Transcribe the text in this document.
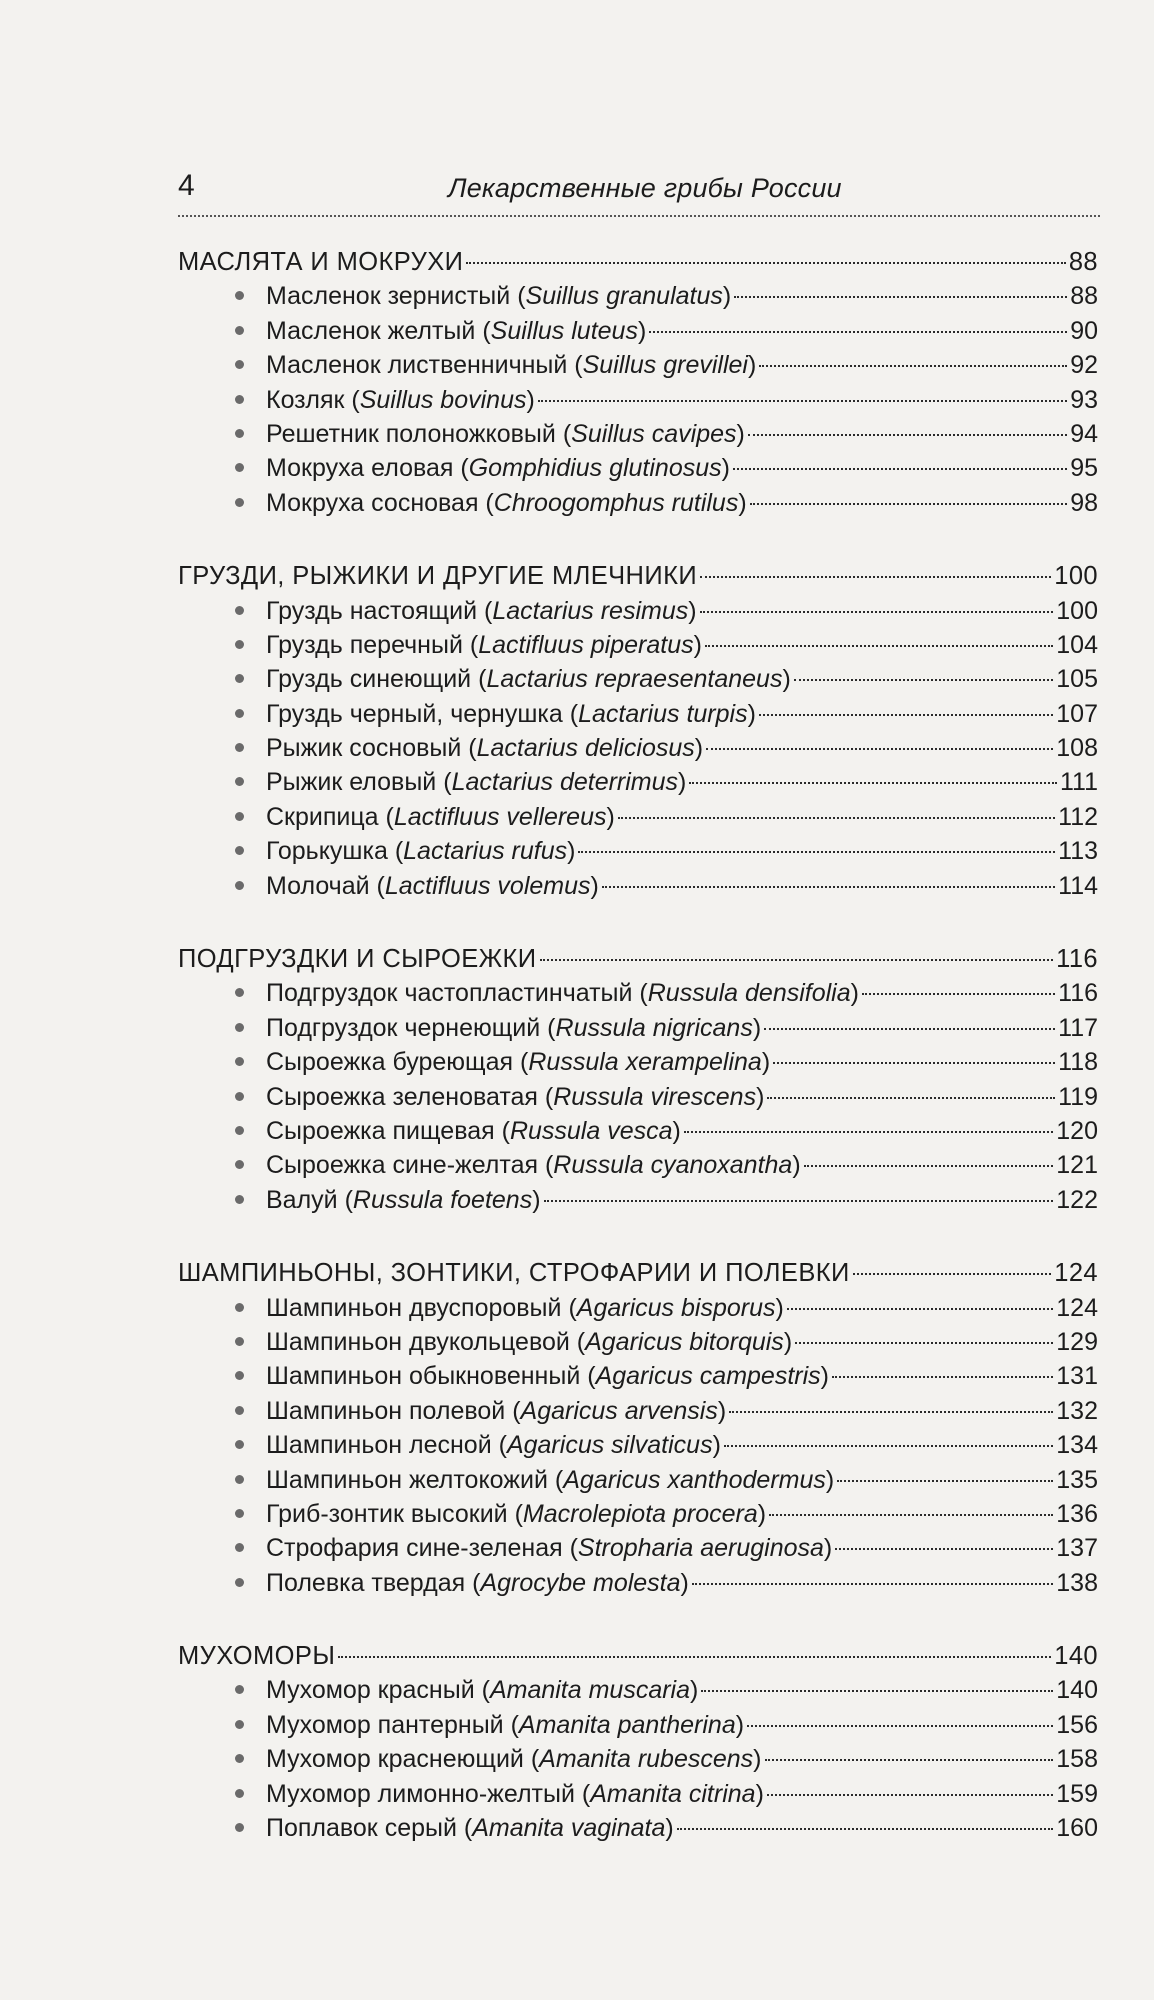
4	Лекарственные грибы России
МАСЛЯТА И МОКРУХИ	88
Масленок зернистый (Suillus granulatus)	88
Масленок желтый (Suillus luteus)	90
Масленок лиственничный (Suillus grevillei)	92
Козляк (Suillus bovinus)	93
Решетник полоножковый (Suillus cavipes)	94
Мокруха еловая (Gomphidius glutinosus)	95
Мокруха сосновая (Chroogomphus rutilus)	98
ГРУЗДИ, РЫЖИКИ И ДРУГИЕ МЛЕЧНИКИ	100
Груздь настоящий (Lactarius resimus)	100
Груздь перечный (Lactifluus piperatus)	104
Груздь синеющий (Lactarius repraesentaneus)	105
Груздь черный, чернушка (Lactarius turpis)	107
Рыжик сосновый (Lactarius deliciosus)	108
Рыжик еловый (Lactarius deterrimus)	111
Скрипица (Lactifluus vellereus)	112
Горькушка (Lactarius rufus)	113
Молочай (Lactifluus volemus)	114
ПОДГРУЗДКИ И СЫРОЕЖКИ	116
Подгруздок частопластинчатый (Russula densifolia)	116
Подгруздок чернеющий (Russula nigricans)	117
Сыроежка буреющая (Russula xerampelina)	118
Сыроежка зеленоватая (Russula virescens)	119
Сыроежка пищевая (Russula vesca)	120
Сыроежка сине-желтая (Russula cyanoxantha)	121
Валуй (Russula foetens)	122
ШАМПИНЬОНЫ, ЗОНТИКИ, СТРОФАРИИ И ПОЛЕВКИ	124
Шампиньон двуспоровый (Agaricus bisporus)	124
Шампиньон двукольцевой (Agaricus bitorquis)	129
Шампиньон обыкновенный (Agaricus campestris)	131
Шампиньон полевой (Agaricus arvensis)	132
Шампиньон лесной (Agaricus silvaticus)	134
Шампиньон желтокожий (Agaricus xanthodermus)	135
Гриб-зонтик высокий (Macrolepiota procera)	136
Строфария сине-зеленая (Stropharia aeruginosa)	137
Полевка твердая (Agrocybe molesta)	138
МУХОМОРЫ	140
Мухомор красный (Amanita muscaria)	140
Мухомор пантерный (Amanita pantherina)	156
Мухомор краснеющий (Amanita rubescens)	158
Мухомор лимонно-желтый (Amanita citrina)	159
Поплавок серый (Amanita vaginata)	160
